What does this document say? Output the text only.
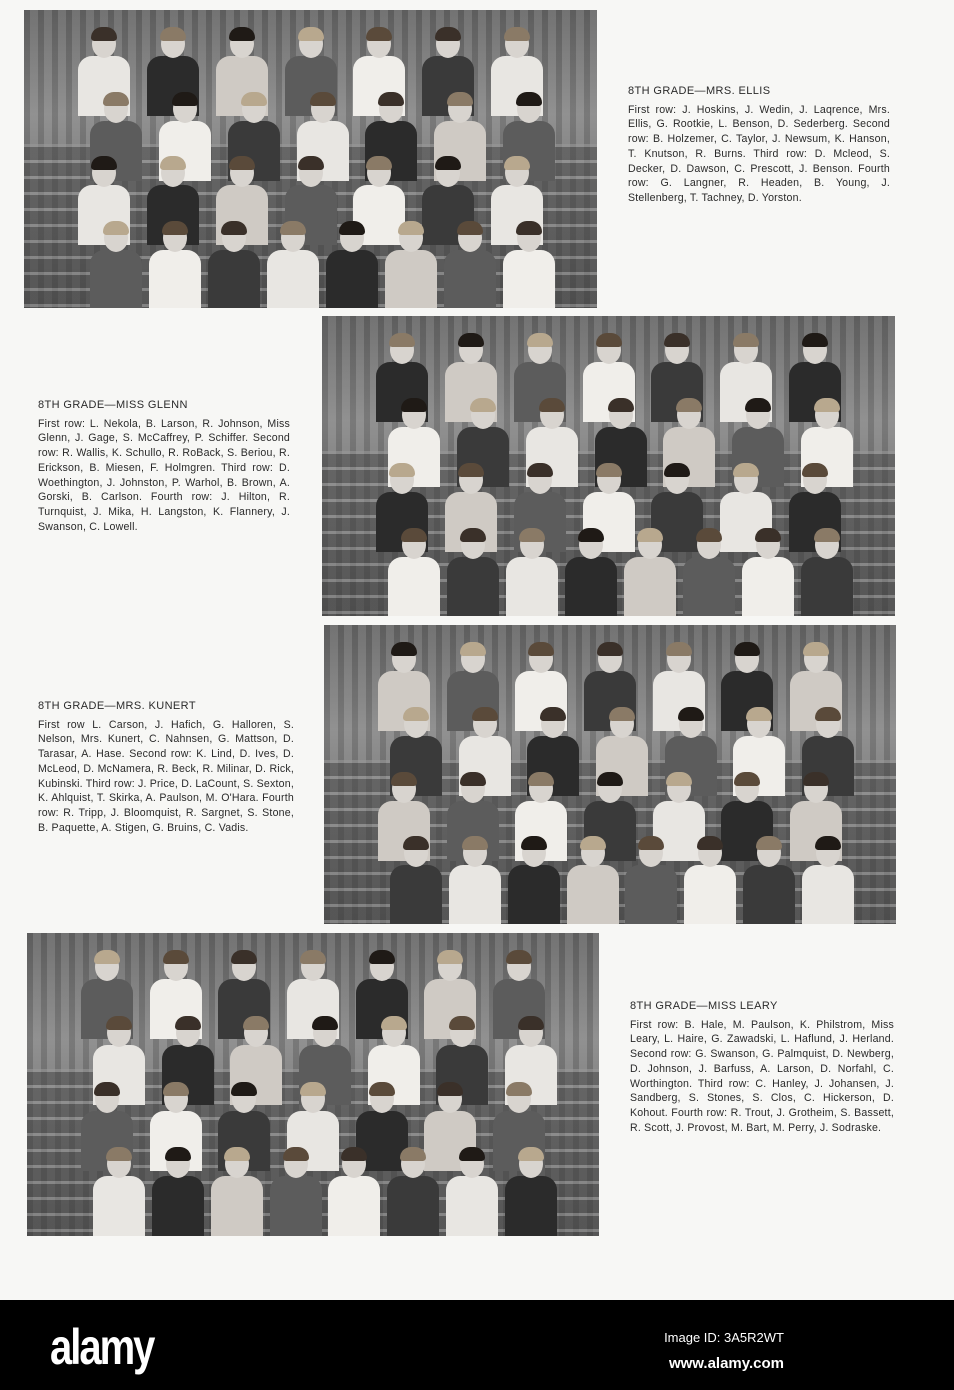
8TH GRADE—MRS. ELLIS

First row: J. Hoskins, J. Wedin, J. Laqrence, Mrs. Ellis, G. Rootkie, L. Benson, D. Sederberg. Second row: B. Holzemer, C. Taylor, J. Newsum, K. Hanson, T. Knutson, R. Burns. Third row: D. Mcleod, S. Decker, D. Dawson, C. Prescott, J. Benson. Fourth row: G. Langner, R. Headen, B. Young, J. Stellenberg, T. Tachney, D. Yorston.

8TH GRADE—MISS GLENN

First row: L. Nekola, B. Larson, R. Johnson, Miss Glenn, J. Gage, S. McCaffrey, P. Schiffer. Second row: R. Wallis, K. Schullo, R. RoBack, S. Beriou, R. Erickson, B. Miesen, F. Holmgren. Third row: D. Woethington, J. Johnston, P. Warhol, B. Brown, A. Gorski, B. Carlson. Fourth row: J. Hilton, R. Turnquist, J. Mika, H. Langston, K. Flannery, J. Swanson, C. Lowell.

8TH GRADE—MRS. KUNERT

First row L. Carson, J. Hafich, G. Halloren, S. Nelson, Mrs. Kunert, C. Nahnsen, G. Mattson, D. Tarasar, A. Hase. Second row: K. Lind, D. Ives, D. McLeod, D. McNamera, R. Beck, R. Milinar, D. Rick, Kubinski. Third row: J. Price, D. LaCount, S. Sexton, K. Ahlquist, T. Skirka, A. Paulson, M. O'Hara. Fourth row: R. Tripp, J. Bloomquist, R. Sargnet, S. Stone, B. Paquette, A. Stigen, G. Bruins, C. Vadis.

8TH GRADE—MISS LEARY

First row: B. Hale, M. Paulson, K. Philstrom, Miss Leary, L. Haire, G. Zawadski, L. Haflund, J. Herland. Second row: G. Swanson, G. Palmquist, D. Newberg, D. Johnson, J. Barfuss, A. Larson, D. Norfahl, C. Worthington. Third row: C. Hanley, J. Johansen, J. Sandberg, S. Stones, S. Clos, C. Hickerson, D. Kohout. Fourth row: R. Trout, J. Grotheim, S. Bassett, R. Scott, J. Provost, M. Bart, M. Perry, J. Sodraske.

alamy	Image ID: 3A5R2WT
www.alamy.com
